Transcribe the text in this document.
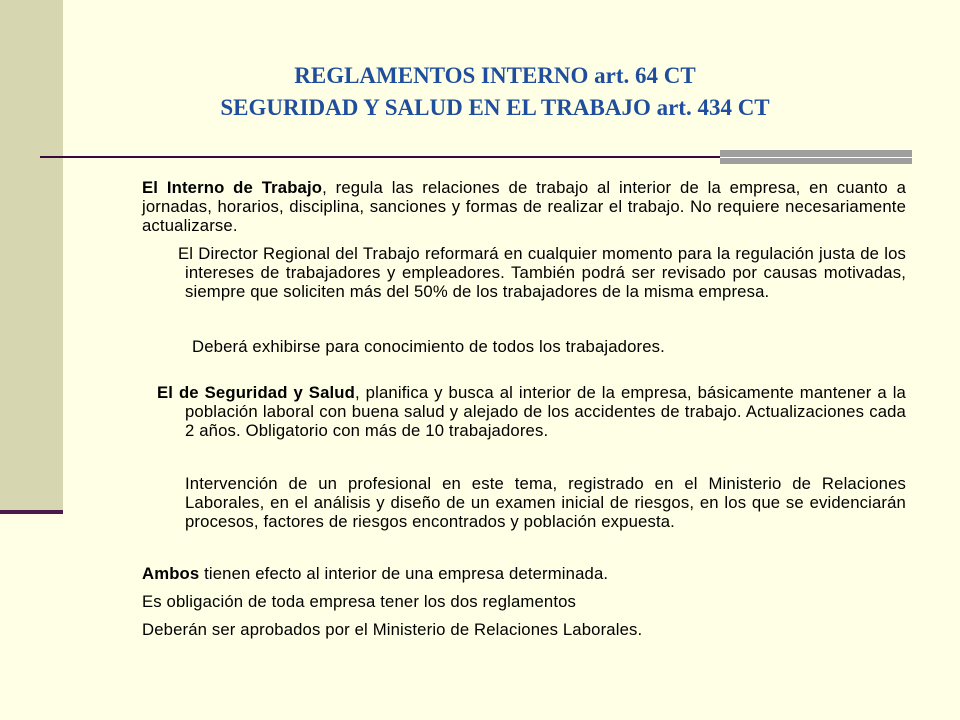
REGLAMENTOS INTERNO art. 64 CT
SEGURIDAD Y SALUD EN EL TRABAJO art. 434 CT

El Interno de Trabajo, regula las relaciones de trabajo al interior de la empresa, en cuanto a jornadas, horarios, disciplina, sanciones y formas de realizar el trabajo. No requiere necesariamente actualizarse.

El Director Regional del Trabajo reformará en cualquier momento para la regulación justa de los intereses de trabajadores y empleadores. También podrá ser revisado por causas motivadas, siempre que soliciten más del 50% de los trabajadores de la misma empresa.

Deberá exhibirse para conocimiento de todos los trabajadores.

El de Seguridad y Salud, planifica y busca al interior de la empresa, básicamente mantener a la población laboral con buena salud y alejado de los accidentes de trabajo. Actualizaciones cada 2 años. Obligatorio con más de 10 trabajadores.

Intervención de un profesional en este tema, registrado en el Ministerio de Relaciones Laborales, en el análisis y diseño de un examen inicial de riesgos, en los que se evidenciarán procesos, factores de riesgos encontrados y población expuesta.

Ambos tienen efecto al interior de una empresa determinada.

Es obligación de toda empresa tener los dos reglamentos

Deberán ser aprobados por el Ministerio de Relaciones Laborales.
